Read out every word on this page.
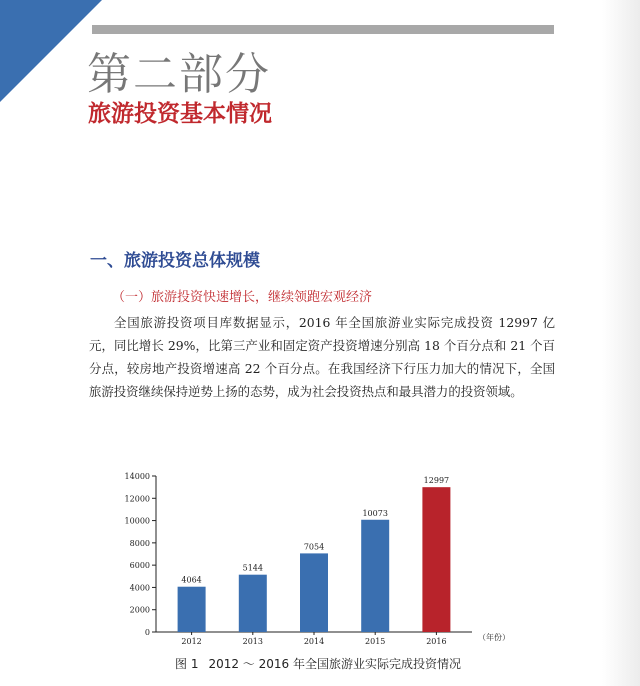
第二部分
旅游投资基本情况
一、旅游投资总体规模
（一）旅游投资快速增长，继续领跑宏观经济
全国旅游投资项目库数据显示，2016 年全国旅游业实际完成投资 12997 亿元，同比增长 29%，比第三产业和固定资产投资增速分别高 18 个百分点和 21 个百分点，较房地产投资增速高 22 个百分点。在我国经济下行压力加大的情况下，全国旅游投资继续保持逆势上扬的态势，成为社会投资热点和最具潜力的投资领域。
0
2000
4000
6000
8000
10000
12000
14000
4064
2012
5144
2013
7054
2014
10073
2015
12997
2016	（年份）
图 1 2012 ～ 2016 年全国旅游业实际完成投资情况
